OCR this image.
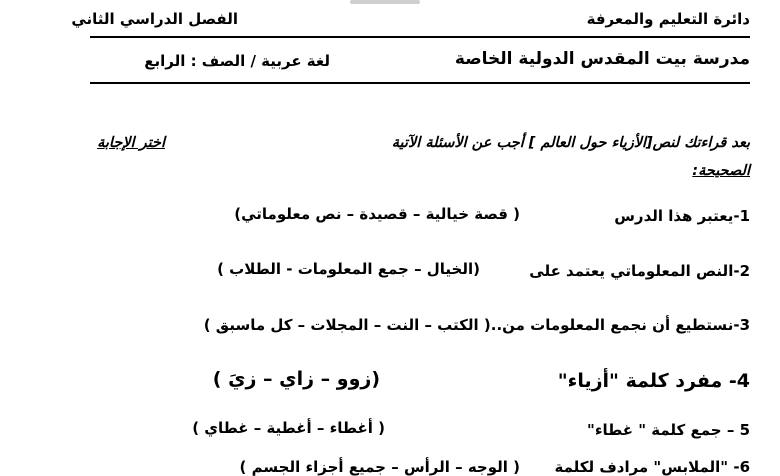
دائرة التعليم والمعرفة
الفصل الدراسي الثاني
مدرسة بيت المقدس الدولية الخاصة
لغة عربية / الصف : الرابع
بعد قراءتك لنص[الأزياء حول العالم ] أجب عن الأسئلة الآتية
اختر الإجابة
الصحيحة:
1-يعتبر هذا الدرس
( قصة خيالية – قصيدة – نص معلوماتي)
2-النص المعلوماتي يعتمد على
(الخيال – جمع المعلومات - الطلاب )
3-نستطيع أن نجمع المعلومات من..( الكتب – النت – المجلات – كل ماسبق )
4- مفرد كلمة "أزياء"
(زوو – زاي – زيَ )
5 – جمع كلمة " غطاء"
( أغطاء – أغطية – غطاي )
6- "الملابس" مرادف لكلمة
( الوجه – الرأس – جميع أجزاء الجسم )
